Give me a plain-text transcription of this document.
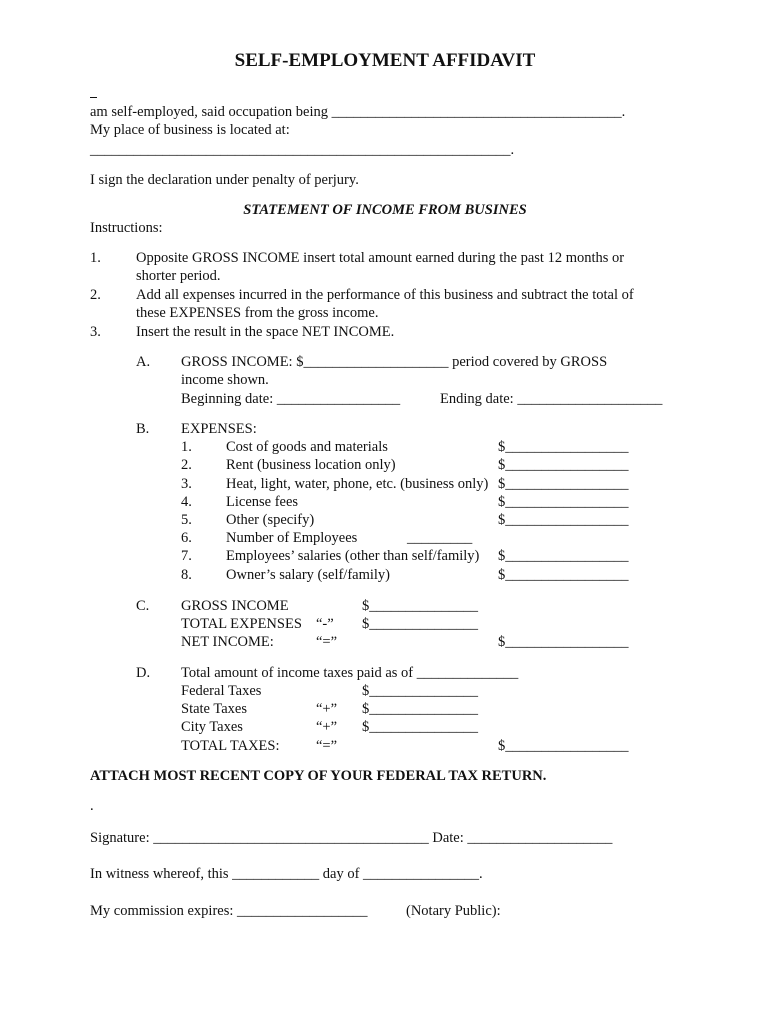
SELF-EMPLOYMENT AFFIDAVIT
am self-employed, said occupation being ________________________________________.
My place of business is located at:
__________________________________________________________.
I sign the declaration under penalty of perjury.
STATEMENT OF INCOME FROM BUSINES
Instructions:
1. Opposite GROSS INCOME insert total amount earned during the past 12 months or
shorter period.
2. Add all expenses incurred in the performance of this business and subtract the total of
these EXPENSES from the gross income.
3. Insert the result in the space NET INCOME.
A. GROSS INCOME: $____________________ period covered by GROSS
income shown.
Beginning date: _________________	Ending date: ____________________
B. EXPENSES:
1. Cost of goods and materials	$_________________
2. Rent (business location only)	$_________________
3. Heat, light, water, phone, etc. (business only) $_________________
4. License fees	$_________________
5. Other (specify)	$_________________
6. Number of Employees	_________
7. Employees’ salaries (other than self/family) $_________________
8. Owner’s salary (self/family)	$_________________
C. GROSS INCOME	$_______________
TOTAL EXPENSES “-” $_______________
NET INCOME:	“=”	$_________________
D. Total amount of income taxes paid as of ______________
Federal Taxes	$_______________
State Taxes	“+” $_______________
City Taxes	“+” $_______________
TOTAL TAXES:	“=”	$_________________
ATTACH MOST RECENT COPY OF YOUR FEDERAL TAX RETURN.
.
Signature: ______________________________________ Date: ____________________
In witness whereof, this ____________ day of ________________.
My commission expires: __________________	(Notary Public):
